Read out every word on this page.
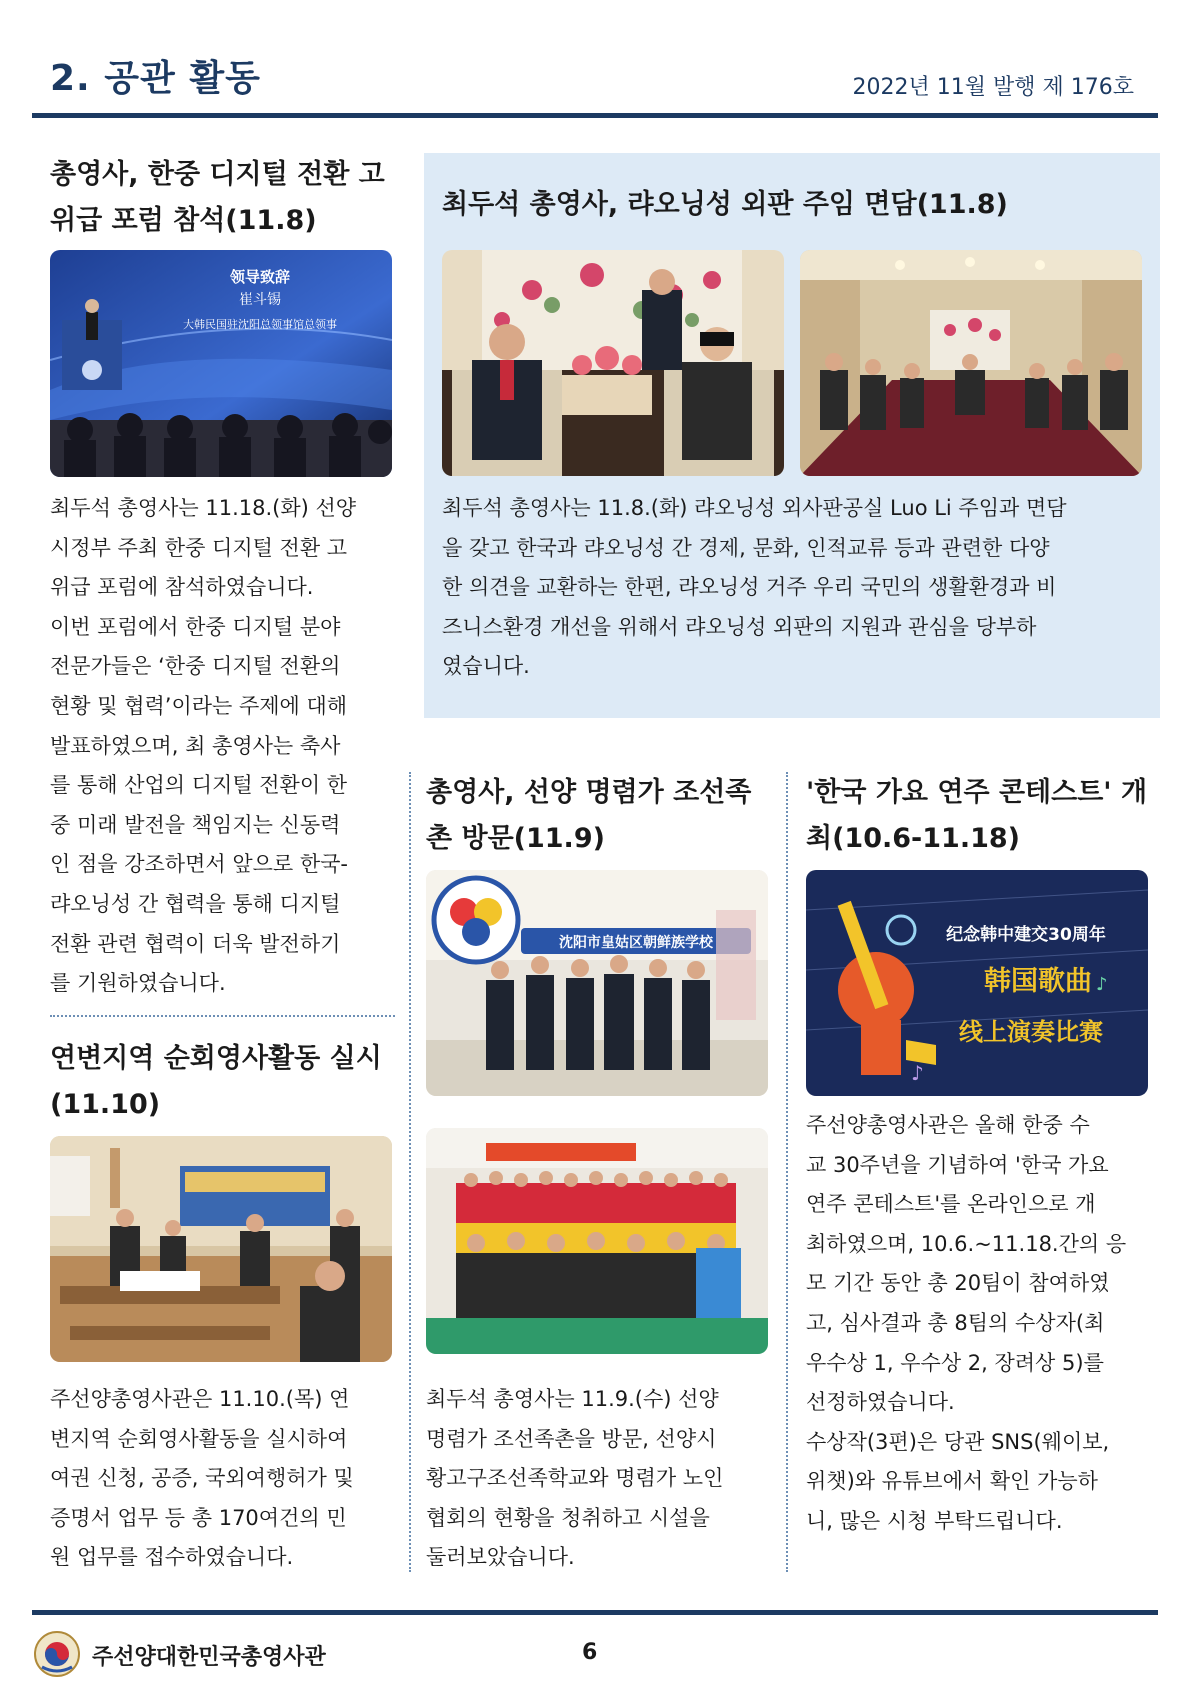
2. 공관 활동	2022년 11월 발행 제 176호
총영사, 한중 디지털 전환 고
위급 포럼 참석(11.8)
领导致辞
崔斗锡
大韩民国驻沈阳总领事馆总领事
최두석 총영사는 11.18.(화) 선양
시정부 주최 한중 디지털 전환 고
위급 포럼에 참석하였습니다.
이번 포럼에서 한중 디지털 분야
전문가들은 ‘한중 디지털 전환의
현황 및 협력’이라는 주제에 대해
발표하였으며, 최 총영사는 축사
를 통해 산업의 디지털 전환이 한
중 미래 발전을 책임지는 신동력
인 점을 강조하면서 앞으로 한국-
랴오닝성 간 협력을 통해 디지털
전환 관련 협력이 더욱 발전하기
를 기원하였습니다.
최두석 총영사, 랴오닝성 외판 주임 면담(11.8)
최두석 총영사는 11.8.(화) 랴오닝성 외사판공실 Luo Li 주임과 면담
을 갖고 한국과 랴오닝성 간 경제, 문화, 인적교류 등과 관련한 다양
한 의견을 교환하는 한편, 랴오닝성 거주 우리 국민의 생활환경과 비
즈니스환경 개선을 위해서 랴오닝성 외판의 지원과 관심을 당부하
였습니다.
연변지역 순회영사활동 실시
(11.10)
주선양총영사관은 11.10.(목) 연
변지역 순회영사활동을 실시하여
여권 신청, 공증, 국외여행허가 및
증명서 업무 등 총 170여건의 민
원 업무를 접수하였습니다.
총영사, 선양 명렴가 조선족
촌 방문(11.9)
沈阳市皇姑区朝鲜族学校
최두석 총영사는 11.9.(수) 선양
명렴가 조선족촌을 방문, 선양시
황고구조선족학교와 명렴가 노인
협회의 현황을 청취하고 시설을
둘러보았습니다.
'한국 가요 연주 콘테스트' 개
최(10.6-11.18)
♪
♪
纪念韩中建交30周年
韩国歌曲
线上演奏比赛
주선양총영사관은 올해 한중 수
교 30주년을 기념하여 '한국 가요
연주 콘테스트'를 온라인으로 개
최하였으며, 10.6.~11.18.간의 응
모 기간 동안 총 20팀이 참여하였
고, 심사결과 총 8팀의 수상자(최
우수상 1, 우수상 2, 장려상 5)를
선정하였습니다.
수상작(3편)은 당관 SNS(웨이보,
위챗)와 유튜브에서 확인 가능하
니, 많은 시청 부탁드립니다.
주선양대한민국총영사관	6
